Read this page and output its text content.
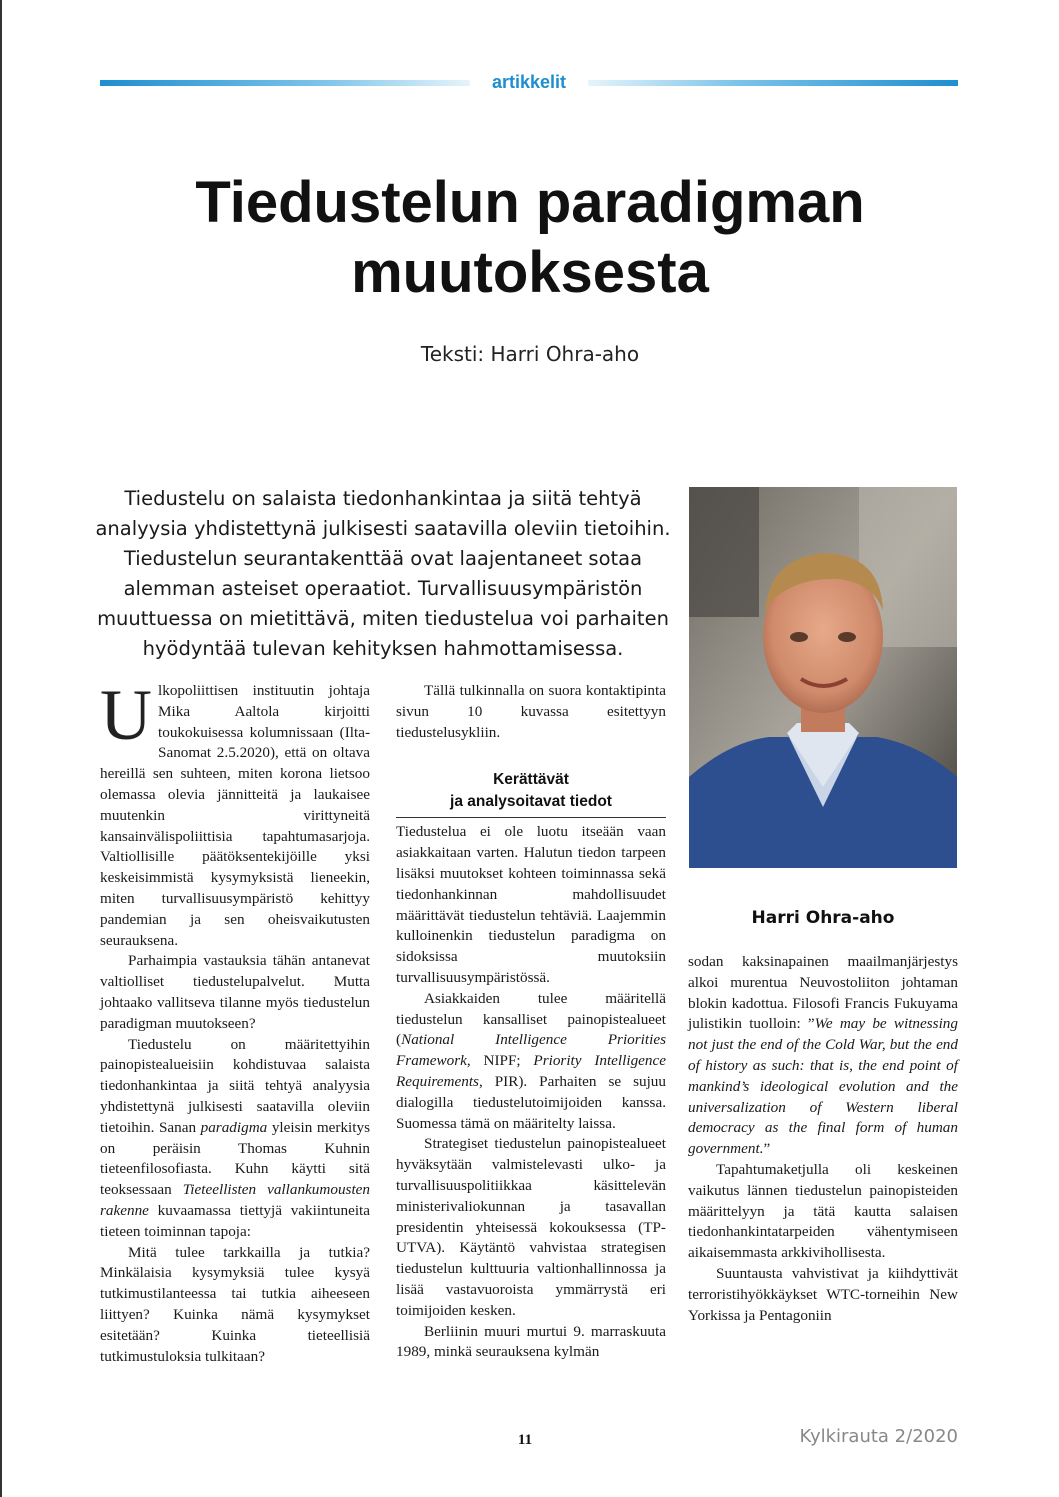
artikkelit
Tiedustelun paradigman
muutoksesta
Teksti: Harri Ohra-aho
Tiedustelu on salaista tiedonhankintaa ja siitä tehtyä analyysia yhdistettynä julkisesti saatavilla oleviin tietoihin. Tiedustelun seurantakenttää ovat laajentaneet sotaa alemman asteiset operaatiot. Turvallisuusympäristön muuttuessa on mietittävä, miten tiedustelua voi parhaiten hyödyntää tulevan kehityksen hahmottamisessa.
Harri Ohra-aho

Ulkopoliittisen instituutin johtaja Mika Aaltola kirjoitti toukokuisessa kolumnissaan (Ilta-Sanomat 2.5.2020), että on oltava hereillä sen suhteen, miten korona lietsoo olemassa olevia jännitteitä ja laukaisee muutenkin virittyneitä kansainvälispoliittisia tapahtumasarjoja. Valtiollisille päätöksentekijöille yksi keskeisimmistä kysymyksistä lieneekin, miten turvallisuusympäristö kehittyy pandemian ja sen oheisvaikutusten seurauksena.

Parhaimpia vastauksia tähän antanevat valtiolliset tiedustelupalvelut. Mutta johtaako vallitseva tilanne myös tiedustelun paradigman muutokseen?

Tiedustelu on määritettyihin painopistealueisiin kohdistuvaa salaista tiedonhankintaa ja siitä tehtyä analyysia yhdistettynä julkisesti saatavilla oleviin tietoihin. Sanan paradigma yleisin merkitys on peräisin Thomas Kuhnin tieteenfilosofiasta. Kuhn käytti sitä teoksessaan Tieteellisten vallankumousten rakenne kuvaamassa tiettyjä vakiintuneita tieteen toiminnan tapoja:

Mitä tulee tarkkailla ja tutkia? Minkälaisia kysymyksiä tulee kysyä tutkimustilanteessa tai tutkia aiheeseen liittyen? Kuinka nämä kysymykset esitetään? Kuinka tieteellisiä tutkimustuloksia tulkitaan?

Tällä tulkinnalla on suora kontaktipinta sivun 10 kuvassa esitettyyn tiedustelusykliin.

Kerättävät
ja analysoitavat tiedot

Tiedustelua ei ole luotu itseään vaan asiakkaitaan varten. Halutun tiedon tarpeen lisäksi muutokset kohteen toiminnassa sekä tiedonhankinnan mahdollisuudet määrittävät tiedustelun tehtäviä. Laajemmin kulloinenkin tiedustelun paradigma on sidoksissa muutoksiin turvallisuusympäristössä.

Asiakkaiden tulee määritellä tiedustelun kansalliset painopistealueet (National Intelligence Priorities Framework, NIPF; Priority Intelligence Requirements, PIR). Parhaiten se sujuu dialogilla tiedustelutoimijoiden kanssa. Suomessa tämä on määritelty laissa.

Strategiset tiedustelun painopistealueet hyväksytään valmistelevasti ulko- ja turvallisuuspolitiikkaa käsittelevän ministerivaliokunnan ja tasavallan presidentin yhteisessä kokouksessa (TP-UTVA). Käytäntö vahvistaa strategisen tiedustelun kulttuuria valtionhallinnossa ja lisää vastavuoroista ymmärrystä eri toimijoiden kesken.

Berliinin muuri murtui 9. marraskuuta 1989, minkä seurauksena kylmän

sodan kaksinapainen maailmanjärjestys alkoi murentua Neuvostoliiton johtaman blokin kadottua. Filosofi Francis Fukuyama julistikin tuolloin: ”We may be witnessing not just the end of the Cold War, but the end of history as such: that is, the end point of mankind’s ideological evolution and the universalization of Western liberal democracy as the final form of human government.”

Tapahtumaketjulla oli keskeinen vaikutus lännen tiedustelun painopisteiden määrittelyyn ja tätä kautta salaisen tiedonhankintatarpeiden vähentymiseen aikaisemmasta arkkivihollisesta.

Suuntausta vahvistivat ja kiihdyttivät terroristihyökkäykset WTC-torneihin New Yorkissa ja Pentagoniin

11	Kylkirauta 2/2020
